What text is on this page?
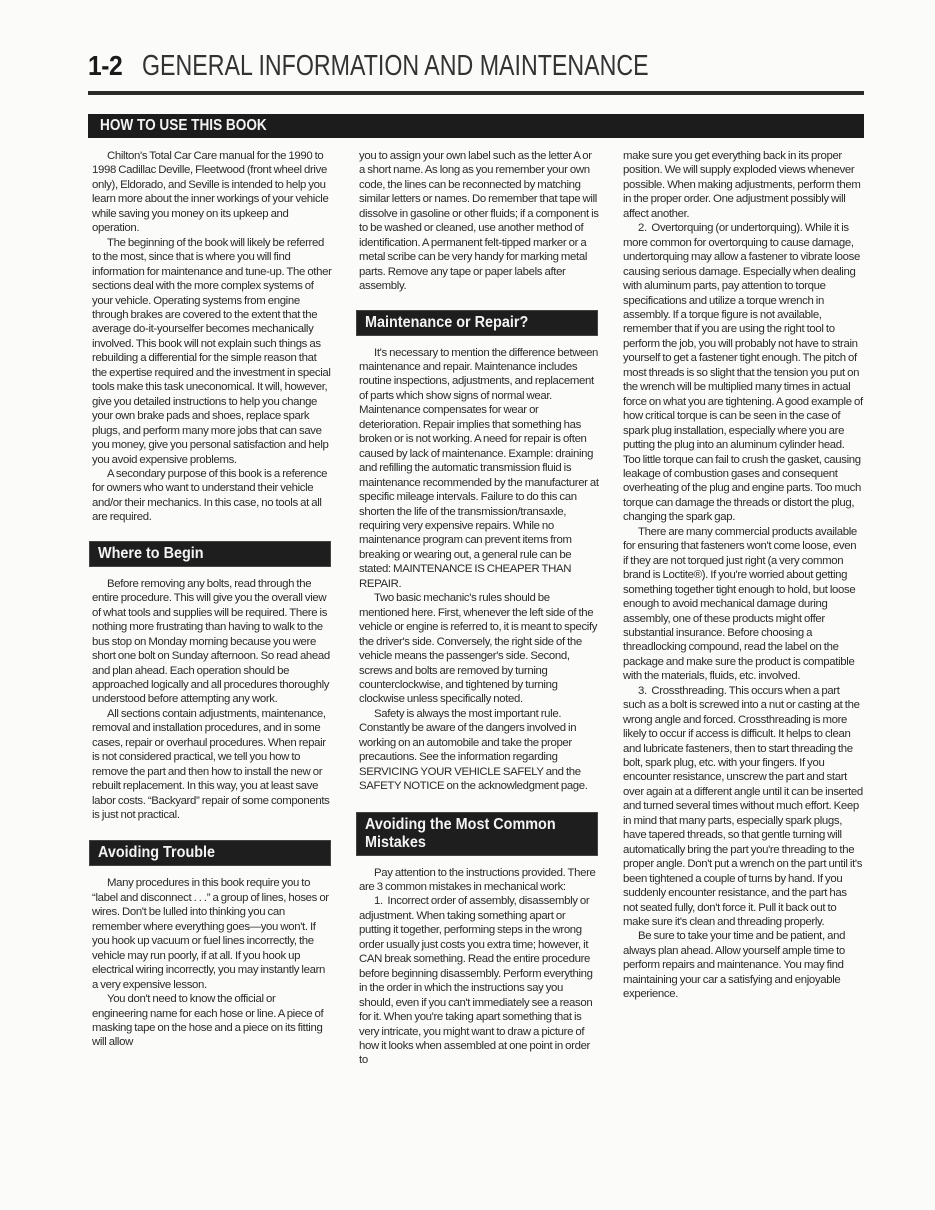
1-2 GENERAL INFORMATION AND MAINTENANCE
HOW TO USE THIS BOOK

Chilton's Total Car Care manual for the 1990 to 1998 Cadillac Deville, Fleetwood (front wheel drive only), Eldorado, and Seville is intended to help you learn more about the inner workings of your vehicle while saving you money on its upkeep and operation.

The beginning of the book will likely be referred to the most, since that is where you will find information for maintenance and tune-up. The other sections deal with the more complex systems of your vehicle. Operating systems from engine through brakes are covered to the extent that the average do-it-yourselfer becomes mechanically involved. This book will not explain such things as rebuilding a differential for the simple reason that the expertise required and the investment in special tools make this task uneconomical. It will, however, give you detailed instructions to help you change your own brake pads and shoes, replace spark plugs, and perform many more jobs that can save you money, give you personal satisfaction and help you avoid expensive problems.

A secondary purpose of this book is a reference for owners who want to understand their vehicle and/or their mechanics. In this case, no tools at all are required.

Where to Begin

Before removing any bolts, read through the entire procedure. This will give you the overall view of what tools and supplies will be required. There is nothing more frustrating than having to walk to the bus stop on Monday morning because you were short one bolt on Sunday afternoon. So read ahead and plan ahead. Each operation should be approached logically and all procedures thoroughly understood before attempting any work.

All sections contain adjustments, maintenance, removal and installation procedures, and in some cases, repair or overhaul procedures. When repair is not considered practical, we tell you how to remove the part and then how to install the new or rebuilt replacement. In this way, you at least save labor costs. “Backyard” repair of some components is just not practical.

Avoiding Trouble

Many procedures in this book require you to “label and disconnect . . .” a group of lines, hoses or wires. Don't be lulled into thinking you can remember where everything goes—you won't. If you hook up vacuum or fuel lines incorrectly, the vehicle may run poorly, if at all. If you hook up electrical wiring incorrectly, you may instantly learn a very expensive lesson.

You don't need to know the official or engineering name for each hose or line. A piece of masking tape on the hose and a piece on its fitting will allow

you to assign your own label such as the letter A or a short name. As long as you remember your own code, the lines can be reconnected by matching similar letters or names. Do remember that tape will dissolve in gasoline or other fluids; if a component is to be washed or cleaned, use another method of identification. A permanent felt-tipped marker or a metal scribe can be very handy for marking metal parts. Remove any tape or paper labels after assembly.

Maintenance or Repair?

It's necessary to mention the difference between maintenance and repair. Maintenance includes routine inspections, adjustments, and replacement of parts which show signs of normal wear. Maintenance compensates for wear or deterioration. Repair implies that something has broken or is not working. A need for repair is often caused by lack of maintenance. Example: draining and refilling the automatic transmission fluid is maintenance recommended by the manufacturer at specific mileage intervals. Failure to do this can shorten the life of the transmission/transaxle, requiring very expensive repairs. While no maintenance program can prevent items from breaking or wearing out, a general rule can be stated: MAINTENANCE IS CHEAPER THAN REPAIR.

Two basic mechanic's rules should be mentioned here. First, whenever the left side of the vehicle or engine is referred to, it is meant to specify the driver's side. Conversely, the right side of the vehicle means the passenger's side. Second, screws and bolts are removed by turning counterclockwise, and tightened by turning clockwise unless specifically noted.

Safety is always the most important rule. Constantly be aware of the dangers involved in working on an automobile and take the proper precautions. See the information regarding SERVICING YOUR VEHICLE SAFELY and the SAFETY NOTICE on the acknowledgment page.

Avoiding the Most Common Mistakes

Pay attention to the instructions provided. There are 3 common mistakes in mechanical work:

1.  Incorrect order of assembly, disassembly or adjustment. When taking something apart or putting it together, performing steps in the wrong order usually just costs you extra time; however, it CAN break something. Read the entire procedure before beginning disassembly. Perform everything in the order in which the instructions say you should, even if you can't immediately see a reason for it. When you're taking apart something that is very intricate, you might want to draw a picture of how it looks when assembled at one point in order to

make sure you get everything back in its proper position. We will supply exploded views whenever possible. When making adjustments, perform them in the proper order. One adjustment possibly will affect another.

2.  Overtorquing (or undertorquing). While it is more common for overtorquing to cause damage, undertorquing may allow a fastener to vibrate loose causing serious damage. Especially when dealing with aluminum parts, pay attention to torque specifications and utilize a torque wrench in assembly. If a torque figure is not available, remember that if you are using the right tool to perform the job, you will probably not have to strain yourself to get a fastener tight enough. The pitch of most threads is so slight that the tension you put on the wrench will be multiplied many times in actual force on what you are tightening. A good example of how critical torque is can be seen in the case of spark plug installation, especially where you are putting the plug into an aluminum cylinder head. Too little torque can fail to crush the gasket, causing leakage of combustion gases and consequent overheating of the plug and engine parts. Too much torque can damage the threads or distort the plug, changing the spark gap.

There are many commercial products available for ensuring that fasteners won't come loose, even if they are not torqued just right (a very common brand is Loctite®). If you're worried about getting something together tight enough to hold, but loose enough to avoid mechanical damage during assembly, one of these products might offer substantial insurance. Before choosing a threadlocking compound, read the label on the package and make sure the product is compatible with the materials, fluids, etc. involved.

3.  Crossthreading. This occurs when a part such as a bolt is screwed into a nut or casting at the wrong angle and forced. Crossthreading is more likely to occur if access is difficult. It helps to clean and lubricate fasteners, then to start threading the bolt, spark plug, etc. with your fingers. If you encounter resistance, unscrew the part and start over again at a different angle until it can be inserted and turned several times without much effort. Keep in mind that many parts, especially spark plugs, have tapered threads, so that gentle turning will automatically bring the part you're threading to the proper angle. Don't put a wrench on the part until it's been tightened a couple of turns by hand. If you suddenly encounter resistance, and the part has not seated fully, don't force it. Pull it back out to make sure it's clean and threading properly.

Be sure to take your time and be patient, and always plan ahead. Allow yourself ample time to perform repairs and maintenance. You may find maintaining your car a satisfying and enjoyable experience.
